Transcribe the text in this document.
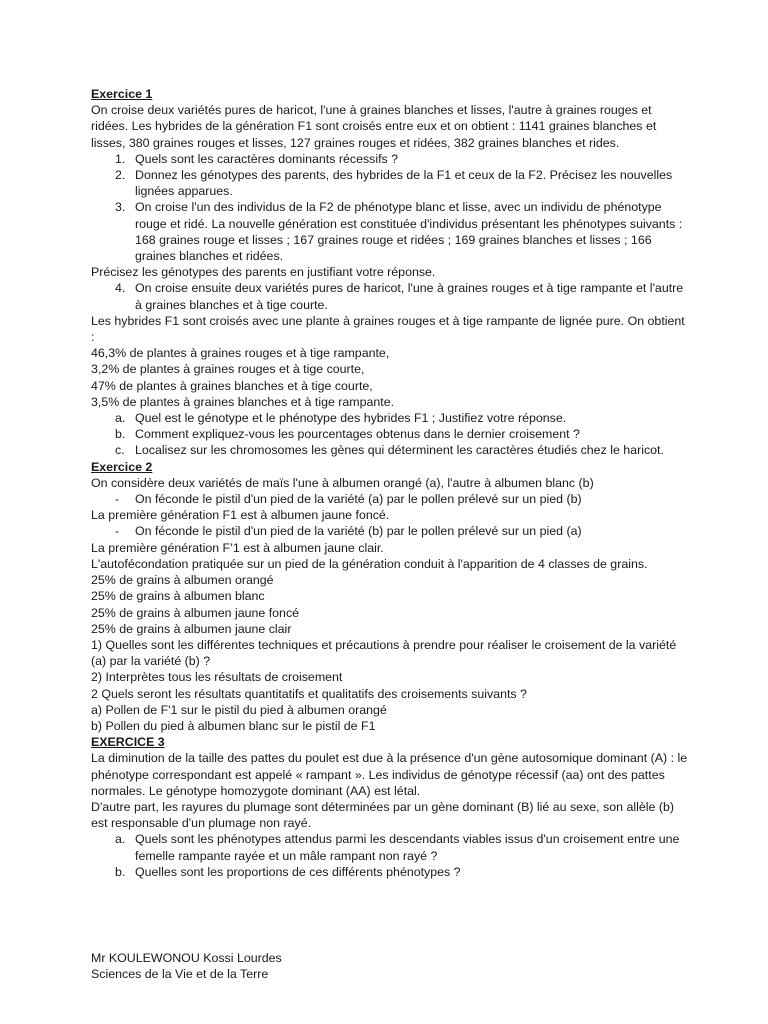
Exercice 1

On croise deux variétés pures de haricot, l'une à graines blanches et lisses, l'autre à graines rouges et ridées. Les hybrides de la génération F1 sont croisés entre eux et on obtient : 1141 graines blanches et lisses, 380 graines rouges et lisses, 127 graines rouges et ridées, 382 graines blanches et rides.

1. Quels sont les caractères dominants récessifs ?
2. Donnez les génotypes des parents, des hybrides de la F1 et ceux de la F2. Précisez les nouvelles lignées apparues.
3. On croise l'un des individus de la F2 de phénotype blanc et lisse, avec un individu de phénotype rouge et ridé. La nouvelle génération est constituée d'individus présentant les phénotypes suivants : 168 graines rouge et lisses ; 167 graines rouge et ridées ; 169 graines blanches et lisses ; 166 graines blanches et ridées.

Précisez les génotypes des parents en justifiant votre réponse.

4. On croise ensuite deux variétés pures de haricot, l'une à graines rouges et à tige rampante et l'autre à graines blanches et à tige courte.

Les hybrides F1 sont croisés avec une plante à graines rouges et à tige rampante de lignée pure. On obtient :

46,3% de plantes à graines rouges et à tige rampante,

3,2% de plantes à graines rouges et à tige courte,

47% de plantes à graines blanches et à tige courte,

3,5% de plantes à graines blanches et à tige rampante.

a. Quel est le génotype et le phénotype des hybrides F1 ; Justifiez votre réponse.
b. Comment expliquez-vous les pourcentages obtenus dans le dernier croisement ?
c. Localisez sur les chromosomes les gènes qui déterminent les caractères étudiés chez le haricot.

Exercice 2

On considère deux variétés de maïs l'une à albumen orangé (a), l'autre à albumen blanc (b)

-	On féconde le pistil d'un pied de la variété (a) par le pollen prélevé sur un pied (b)

La première génération F1 est à albumen jaune foncé.

-	On féconde le pistil d'un pied de la variété (b) par le pollen prélevé sur un pied (a)

La première génération F’1 est à albumen jaune clair.

L'autofécondation pratiquée sur un pied de la génération conduit à l'apparition de 4 classes de grains.

25% de grains à albumen orangé

25% de grains à albumen blanc

25% de grains à albumen jaune foncé

25% de grains à albumen jaune clair

1) Quelles sont les différentes techniques et précautions à prendre pour réaliser le croisement de la variété (a) par la variété (b) ?

2) Interprètes tous les résultats de croisement

2 Quels seront les résultats quantitatifs et qualitatifs des croisements suivants ?

a) Pollen de F'1 sur le pistil du pied à albumen orangé

b) Pollen du pied à albumen blanc sur le pistil de F1

EXERCICE 3

La diminution de la taille des pattes du poulet est due à la présence d'un gène autosomique dominant (A) : le phénotype correspondant est appelé « rampant ». Les individus de génotype récessif (aa) ont des pattes normales. Le génotype homozygote dominant (AA) est létal.

D'autre part, les rayures du plumage sont déterminées par un gène dominant (B) lié au sexe, son allèle (b) est responsable d'un plumage non rayé.

a. Quels sont les phénotypes attendus parmi les descendants viables issus d'un croisement entre une femelle rampante rayée et un mâle rampant non rayé ?
b. Quelles sont les proportions de ces différents phénotypes ?

Mr KOULEWONOU Kossi Lourdes

Sciences de la Vie et de la Terre
